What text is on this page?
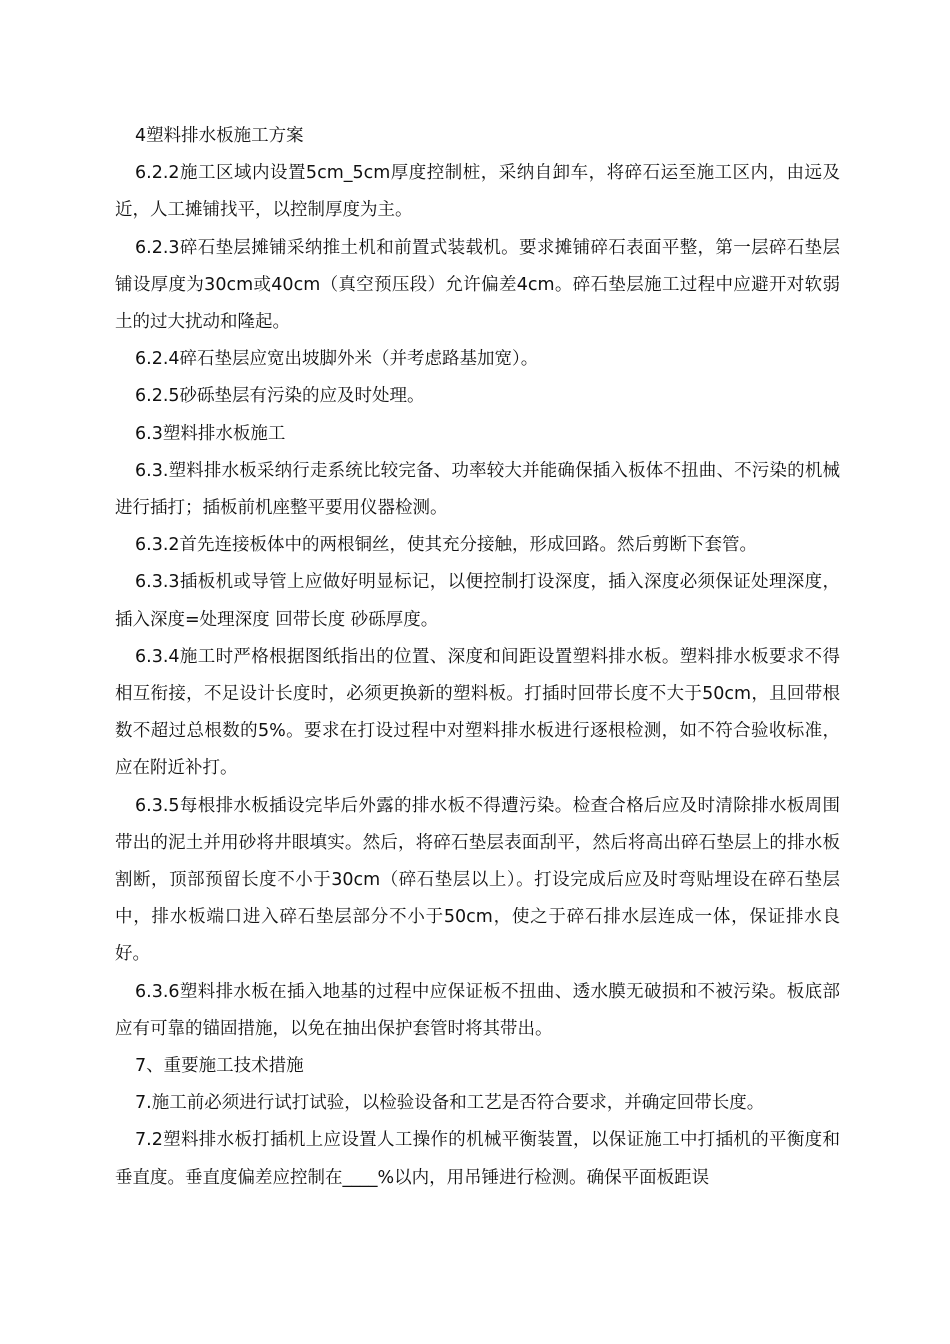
4塑料排水板施工方案

6.2.2施工区域内设置5cm_5cm厚度控制桩，采纳自卸车，将碎石运至施工区内，由远及近，人工摊铺找平，以控制厚度为主。

6.2.3碎石垫层摊铺采纳推土机和前置式装载机。要求摊铺碎石表面平整，第一层碎石垫层铺设厚度为30cm或40cm（真空预压段）允许偏差4cm。碎石垫层施工过程中应避开对软弱土的过大扰动和隆起。

6.2.4碎石垫层应宽出坡脚外米（并考虑路基加宽）。

6.2.5砂砾垫层有污染的应及时处理。

6.3塑料排水板施工

6.3.塑料排水板采纳行走系统比较完备、功率较大并能确保插入板体不扭曲、不污染的机械进行插打；插板前机座整平要用仪器检测。

6.3.2首先连接板体中的两根铜丝，使其充分接触，形成回路。然后剪断下套管。

6.3.3插板机或导管上应做好明显标记，以便控制打设深度，插入深度必须保证处理深度，插入深度=处理深度 回带长度 砂砾厚度。

6.3.4施工时严格根据图纸指出的位置、深度和间距设置塑料排水板。塑料排水板要求不得相互衔接，不足设计长度时，必须更换新的塑料板。打插时回带长度不大于50cm，且回带根数不超过总根数的5%。要求在打设过程中对塑料排水板进行逐根检测，如不符合验收标准，应在附近补打。

6.3.5每根排水板插设完毕后外露的排水板不得遭污染。检查合格后应及时清除排水板周围带出的泥土并用砂将井眼填实。然后，将碎石垫层表面刮平，然后将高出碎石垫层上的排水板割断，顶部预留长度不小于30cm（碎石垫层以上）。打设完成后应及时弯贴埋设在碎石垫层中，排水板端口进入碎石垫层部分不小于50cm，使之于碎石排水层连成一体，保证排水良好。

6.3.6塑料排水板在插入地基的过程中应保证板不扭曲、透水膜无破损和不被污染。板底部应有可靠的锚固措施，以免在抽出保护套管时将其带出。

7、重要施工技术措施

7.施工前必须进行试打试验，以检验设备和工艺是否符合要求，并确定回带长度。

7.2塑料排水板打插机上应设置人工操作的机械平衡装置，以保证施工中打插机的平衡度和垂直度。垂直度偏差应控制在____%以内，用吊锤进行检测。确保平面板距误
